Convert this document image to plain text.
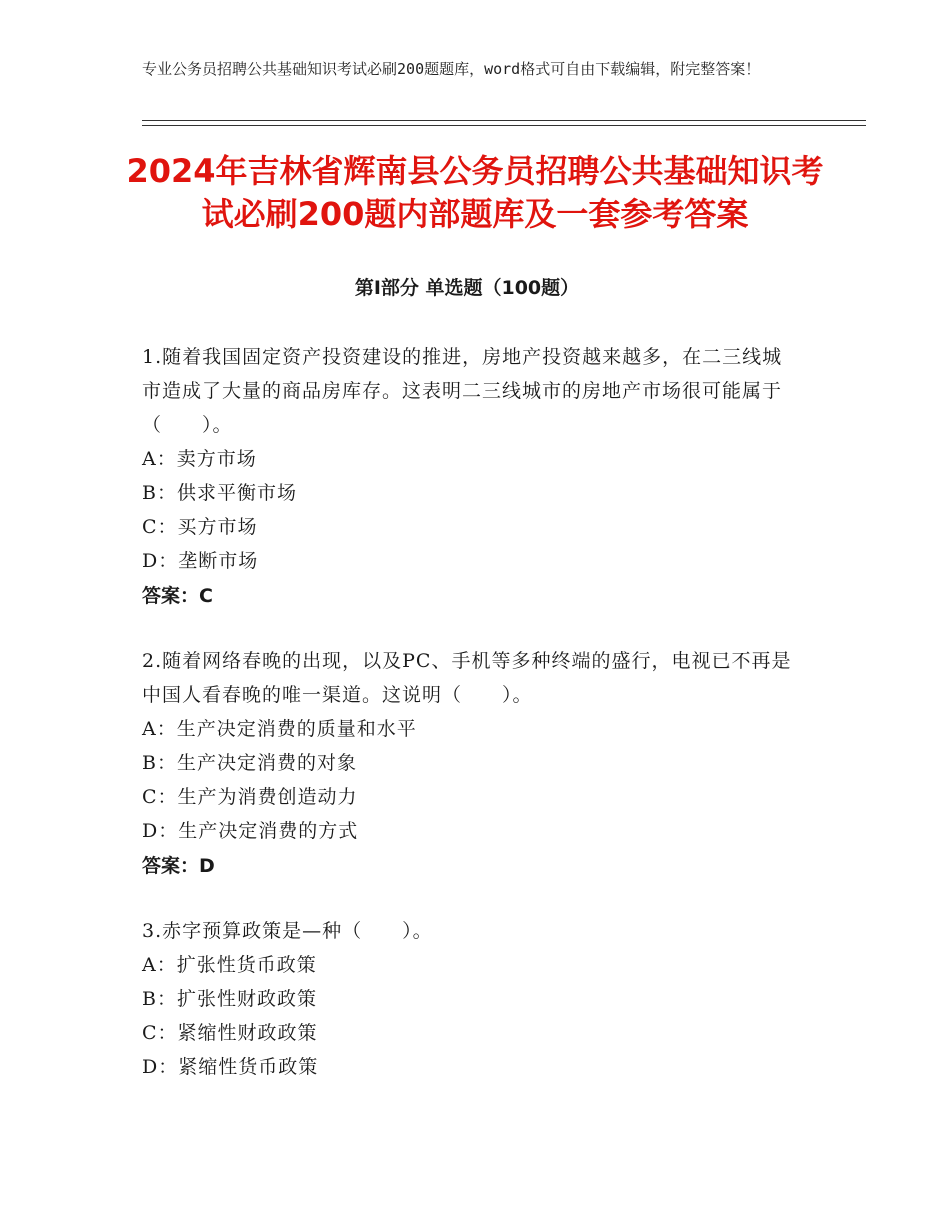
专业公务员招聘公共基础知识考试必刷200题题库，word格式可自由下载编辑，附完整答案！
2024年吉林省辉南县公务员招聘公共基础知识考试必刷200题内部题库及一套参考答案
第Ⅰ部分 单选题（100题）
1.随着我国固定资产投资建设的推进，房地产投资越来越多，在二三线城市造成了大量的商品房库存。这表明二三线城市的房地产市场很可能属于（　　）。
A：卖方市场
B：供求平衡市场
C：买方市场
D：垄断市场
答案：C
2.随着网络春晚的出现，以及PC、手机等多种终端的盛行，电视已不再是中国人看春晚的唯一渠道。这说明（　　）。
A：生产决定消费的质量和水平
B：生产决定消费的对象
C：生产为消费创造动力
D：生产决定消费的方式
答案：D
3.赤字预算政策是—种（　　）。
A：扩张性货币政策
B：扩张性财政政策
C：紧缩性财政政策
D：紧缩性货币政策
